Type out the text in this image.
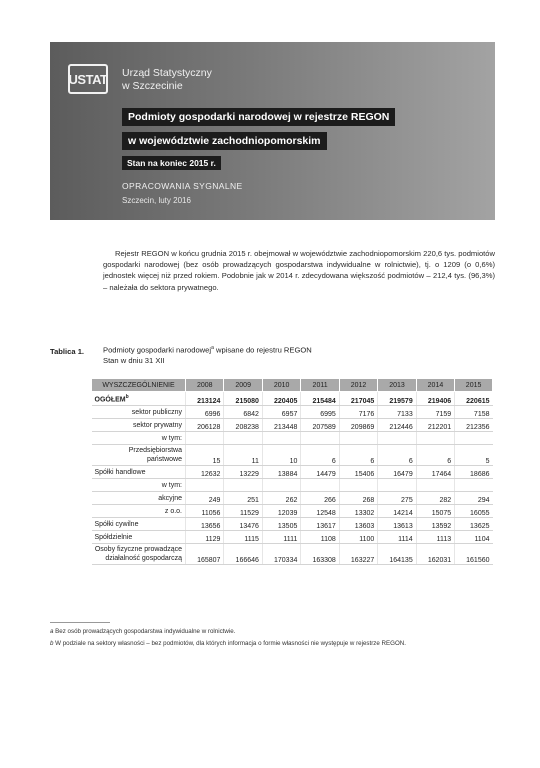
USTAT Urząd Statystyczny
w Szczecinie
Podmioty gospodarki narodowej w rejestrze REGON
w województwie zachodniopomorskim
Stan na koniec 2015 r.
OPRACOWANIA SYGNALNE
Szczecin, luty 2016

Rejestr REGON w końcu grudnia 2015 r. obejmował w województwie zachodniopomorskim 220,6 tys. podmiotów gospodarki narodowej (bez osób prowadzących gospodarstwa indywidualne w rolnictwie), tj. o 1209 (o 0,6%) jednostek więcej niż przed rokiem. Podobnie jak w 2014 r. zdecydowana większość podmiotów – 212,4 tys. (96,3%) – należała do sektora prywatnego.

Tablica 1. Podmioty gospodarki narodowej$^a$ wpisane do rejestru REGON
Stan w dniu 31 XII
WYSZCZEGÓLNIENIE	2008	2009	2010	2011	2012	2013	2014	2015
OGÓŁEM$^b$	213124	215080	220405	215484	217045	219579	219406	220615
sektor publiczny	6996	6842	6957	6995	7176	7133	7159	7158
sektor prywatny	206128	208238	213448	207589	209869	212446	212201	212356
w tym:								
Przedsiębiorstwa państwowe	15	11	10	6	6	6	6	5
Spółki handlowe	12632	13229	13884	14479	15406	16479	17464	18686
w tym:								
akcyjne	249	251	262	266	268	275	282	294
z o.o.	11056	11529	12039	12548	13302	14214	15075	16055
Spółki cywilne	13656	13476	13505	13617	13603	13613	13592	13625
Spółdzielnie	1129	1115	1111	1108	1100	1114	1113	1104
Osoby fizyczne prowadzące działalność gospodarczą	165807	166646	170334	163308	163227	164135	162031	161560
a Bez osób prowadzących gospodarstwa indywidualne w rolnictwie.
b W podziale na sektory własności – bez podmiotów, dla których informacja o formie własności nie występuje w rejestrze REGON.
